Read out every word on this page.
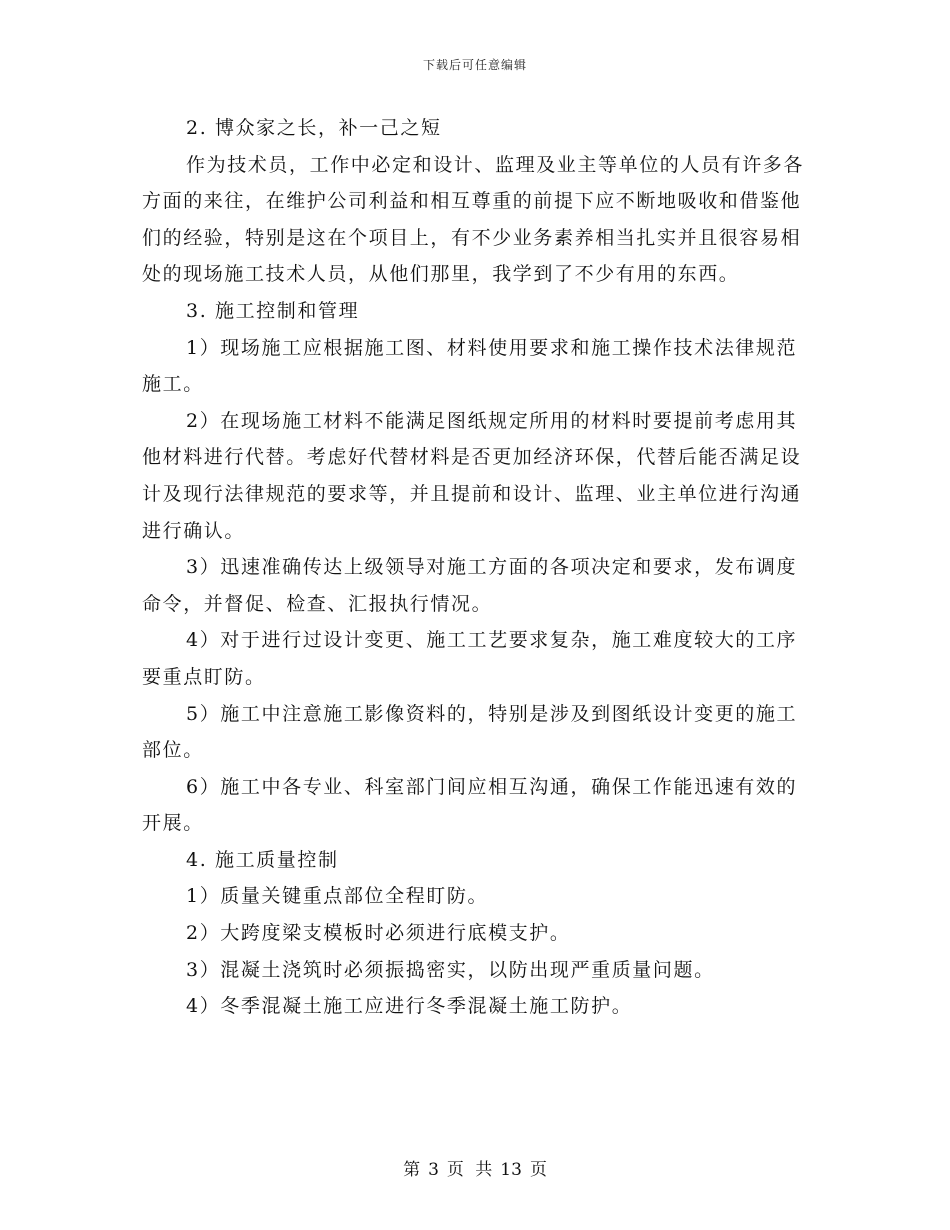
下载后可任意编辑

2. 博众家之长，补一己之短

作为技术员，工作中必定和设计、监理及业主等单位的人员有许多各方面的来往，在维护公司利益和相互尊重的前提下应不断地吸收和借鉴他们的经验，特别是这在个项目上，有不少业务素养相当扎实并且很容易相处的现场施工技术人员，从他们那里，我学到了不少有用的东西。

3. 施工控制和管理

1）现场施工应根据施工图、材料使用要求和施工操作技术法律规范施工。

2）在现场施工材料不能满足图纸规定所用的材料时要提前考虑用其他材料进行代替。考虑好代替材料是否更加经济环保，代替后能否满足设计及现行法律规范的要求等，并且提前和设计、监理、业主单位进行沟通进行确认。

3）迅速准确传达上级领导对施工方面的各项决定和要求，发布调度命令，并督促、检查、汇报执行情况。

4）对于进行过设计变更、施工工艺要求复杂，施工难度较大的工序要重点盯防。

5）施工中注意施工影像资料的，特别是涉及到图纸设计变更的施工部位。

6）施工中各专业、科室部门间应相互沟通，确保工作能迅速有效的开展。

4. 施工质量控制

1）质量关键重点部位全程盯防。

2）大跨度梁支模板时必须进行底模支护。

3）混凝土浇筑时必须振捣密实，以防出现严重质量问题。

4）冬季混凝土施工应进行冬季混凝土施工防护。

第 3 页 共 13 页
